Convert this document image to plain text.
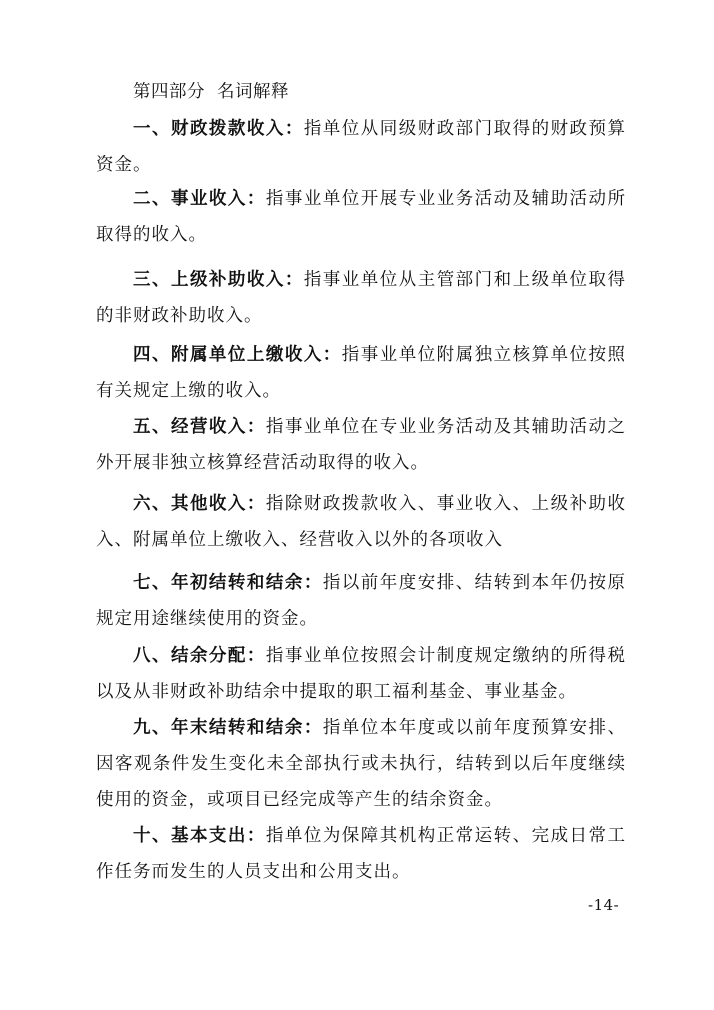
第四部分 名词解释
一、财政拨款收入：指单位从同级财政部门取得的财政预算
资金。
二、事业收入：指事业单位开展专业业务活动及辅助活动所
取得的收入。
三、上级补助收入：指事业单位从主管部门和上级单位取得
的非财政补助收入。
四、附属单位上缴收入：指事业单位附属独立核算单位按照
有关规定上缴的收入。
五、经营收入：指事业单位在专业业务活动及其辅助活动之
外开展非独立核算经营活动取得的收入。
六、其他收入：指除财政拨款收入、事业收入、上级补助收
入、附属单位上缴收入、经营收入以外的各项收入
七、年初结转和结余：指以前年度安排、结转到本年仍按原
规定用途继续使用的资金。
八、结余分配：指事业单位按照会计制度规定缴纳的所得税
以及从非财政补助结余中提取的职工福利基金、事业基金。
九、年末结转和结余：指单位本年度或以前年度预算安排、
因客观条件发生变化未全部执行或未执行，结转到以后年度继续
使用的资金，或项目已经完成等产生的结余资金。
十、基本支出：指单位为保障其机构正常运转、完成日常工
作任务而发生的人员支出和公用支出。
-14-
